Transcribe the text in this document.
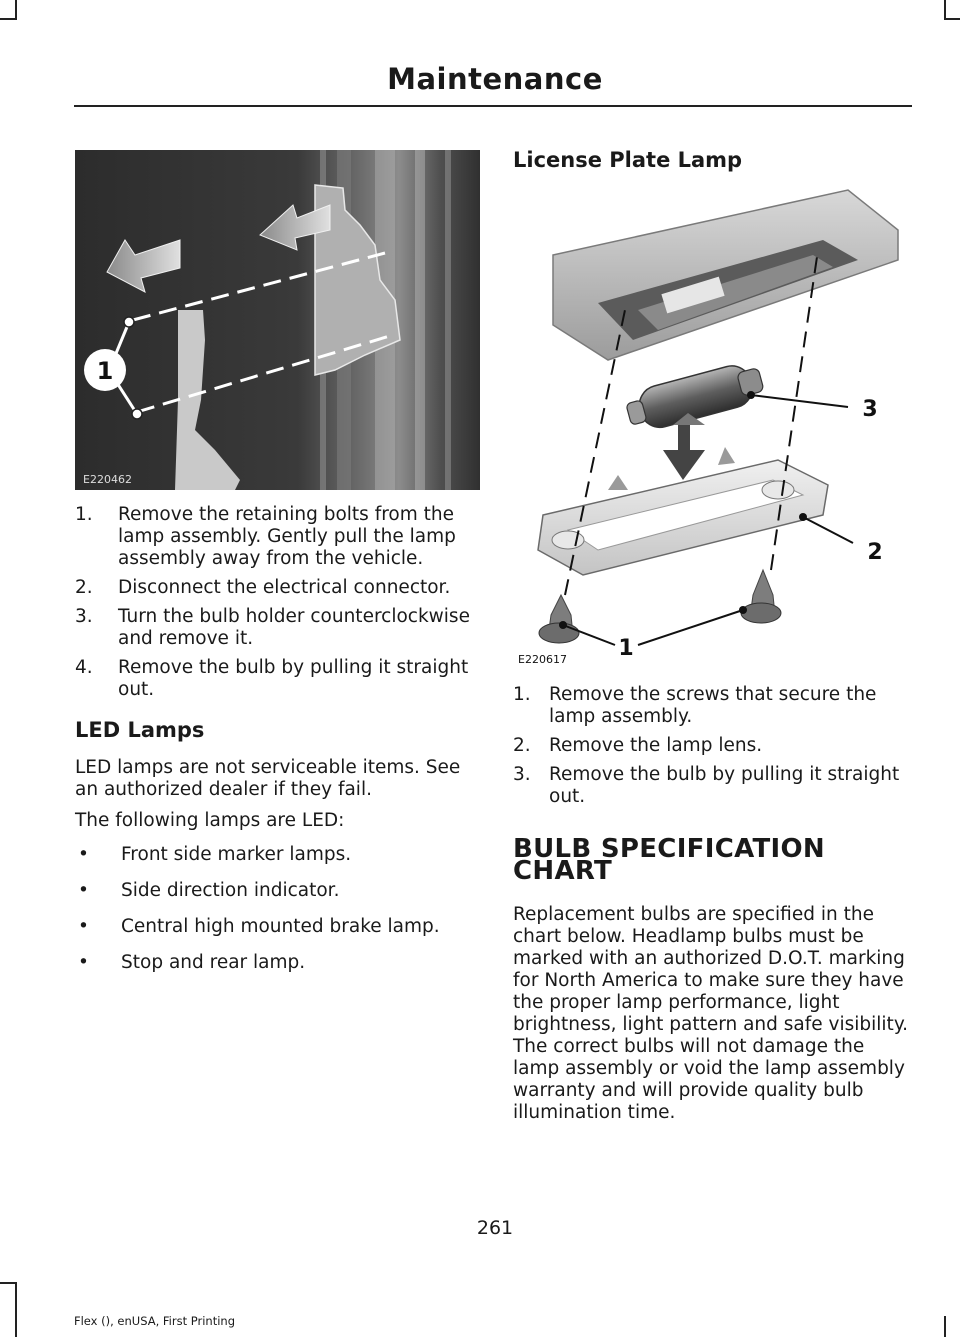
Maintenance
1
E220462
1.	Remove the retaining bolts from the lamp assembly. Gently pull the lamp assembly away from the vehicle.
2.	Disconnect the electrical connector.
3.	Turn the bulb holder counterclockwise and remove it.
4.	Remove the bulb by pulling it straight out.
LED Lamps

LED lamps are not serviceable items. See an authorized dealer if they fail.

The following lamps are LED:

•	Front side marker lamps.
•	Side direction indicator.
•	Central high mounted brake lamp.
•	Stop and rear lamp.
License Plate Lamp
3
2
1
E220617
1. Remove the screws that secure the lamp assembly.
2. Remove the lamp lens.
3. Remove the bulb by pulling it straight out.
BULB SPECIFICATION CHART

Replacement bulbs are specified in the chart below. Headlamp bulbs must be marked with an authorized D.O.T. marking for North America to make sure they have the proper lamp performance, light brightness, light pattern and safe visibility. The correct bulbs will not damage the lamp assembly or void the lamp assembly warranty and will provide quality bulb illumination time.

261
Flex (), enUSA, First Printing
